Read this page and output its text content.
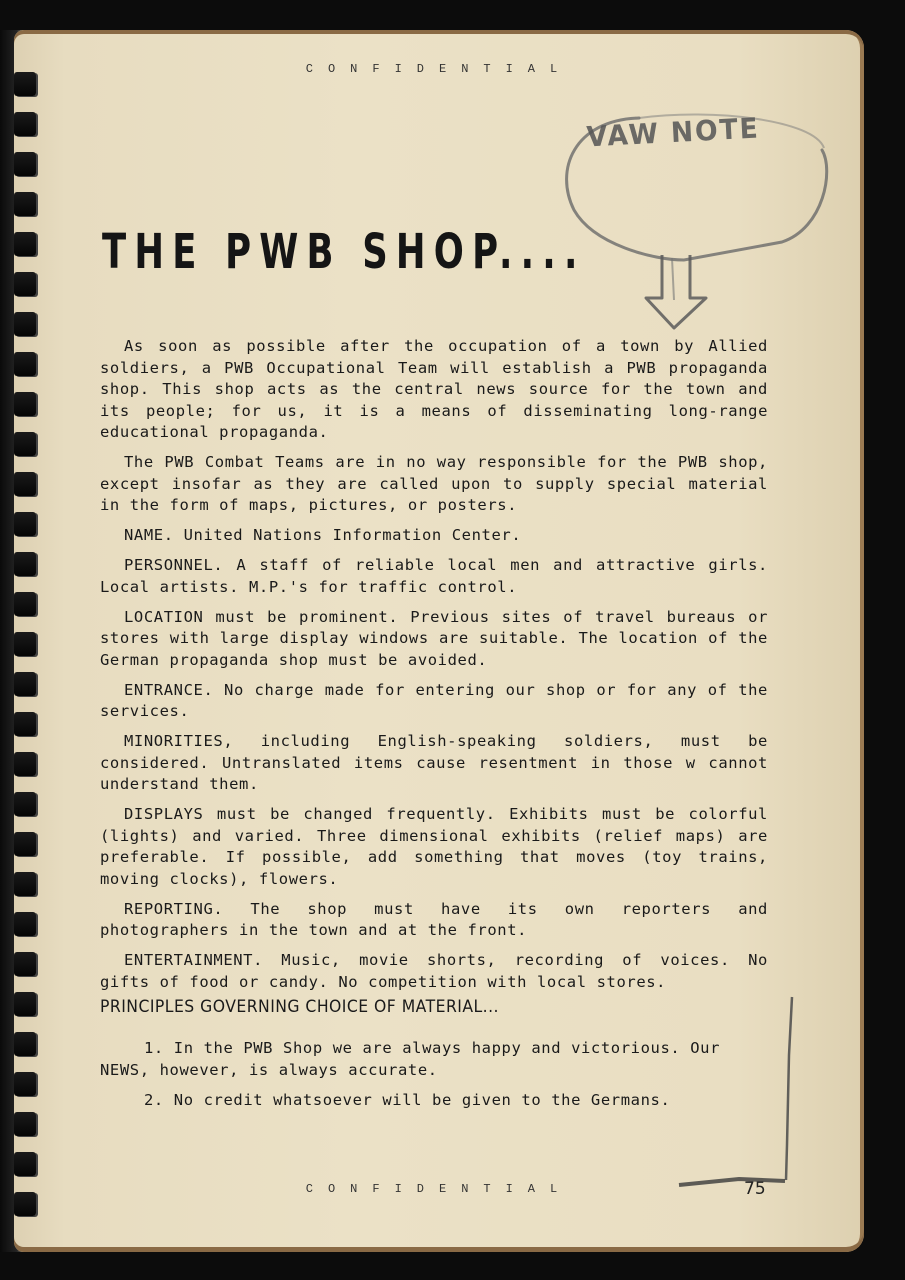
CONFIDENTIAL
VAW NOTE
THE PWB SHOP....

As soon as possible after the occupation of a town by Allied soldiers, a PWB Occupational Team will establish a PWB propaganda shop. This shop acts as the central news source for the town and its people; for us, it is a means of disseminating long-range educational propaganda.

The PWB Combat Teams are in no way responsible for the PWB shop, except insofar as they are called upon to supply special material in the form of maps, pictures, or posters.

NAME. United Nations Information Center.

PERSONNEL. A staff of reliable local men and attractive girls. Local artists. M.P.'s for traffic control.

LOCATION must be prominent. Previous sites of travel bureaus or stores with large display windows are suitable. The location of the German propaganda shop must be avoided.

ENTRANCE. No charge made for entering our shop or for any of the services.

MINORITIES, including English-speaking soldiers, must be considered. Untranslated items cause resentment in those w cannot understand them.

DISPLAYS must be changed frequently. Exhibits must be colorful (lights) and varied. Three dimensional exhibits (relief maps) are preferable. If possible, add something that moves (toy trains, moving clocks), flowers.

REPORTING. The shop must have its own reporters and photographers in the town and at the front.

ENTERTAINMENT. Music, movie shorts, recording of voices. No gifts of food or candy. No competition with local stores.

PRINCIPLES GOVERNING CHOICE OF MATERIAL...

1. In the PWB Shop we are always happy and victorious. Our NEWS, however, is always accurate.

2. No credit whatsoever will be given to the Germans.

CONFIDENTIAL	75
